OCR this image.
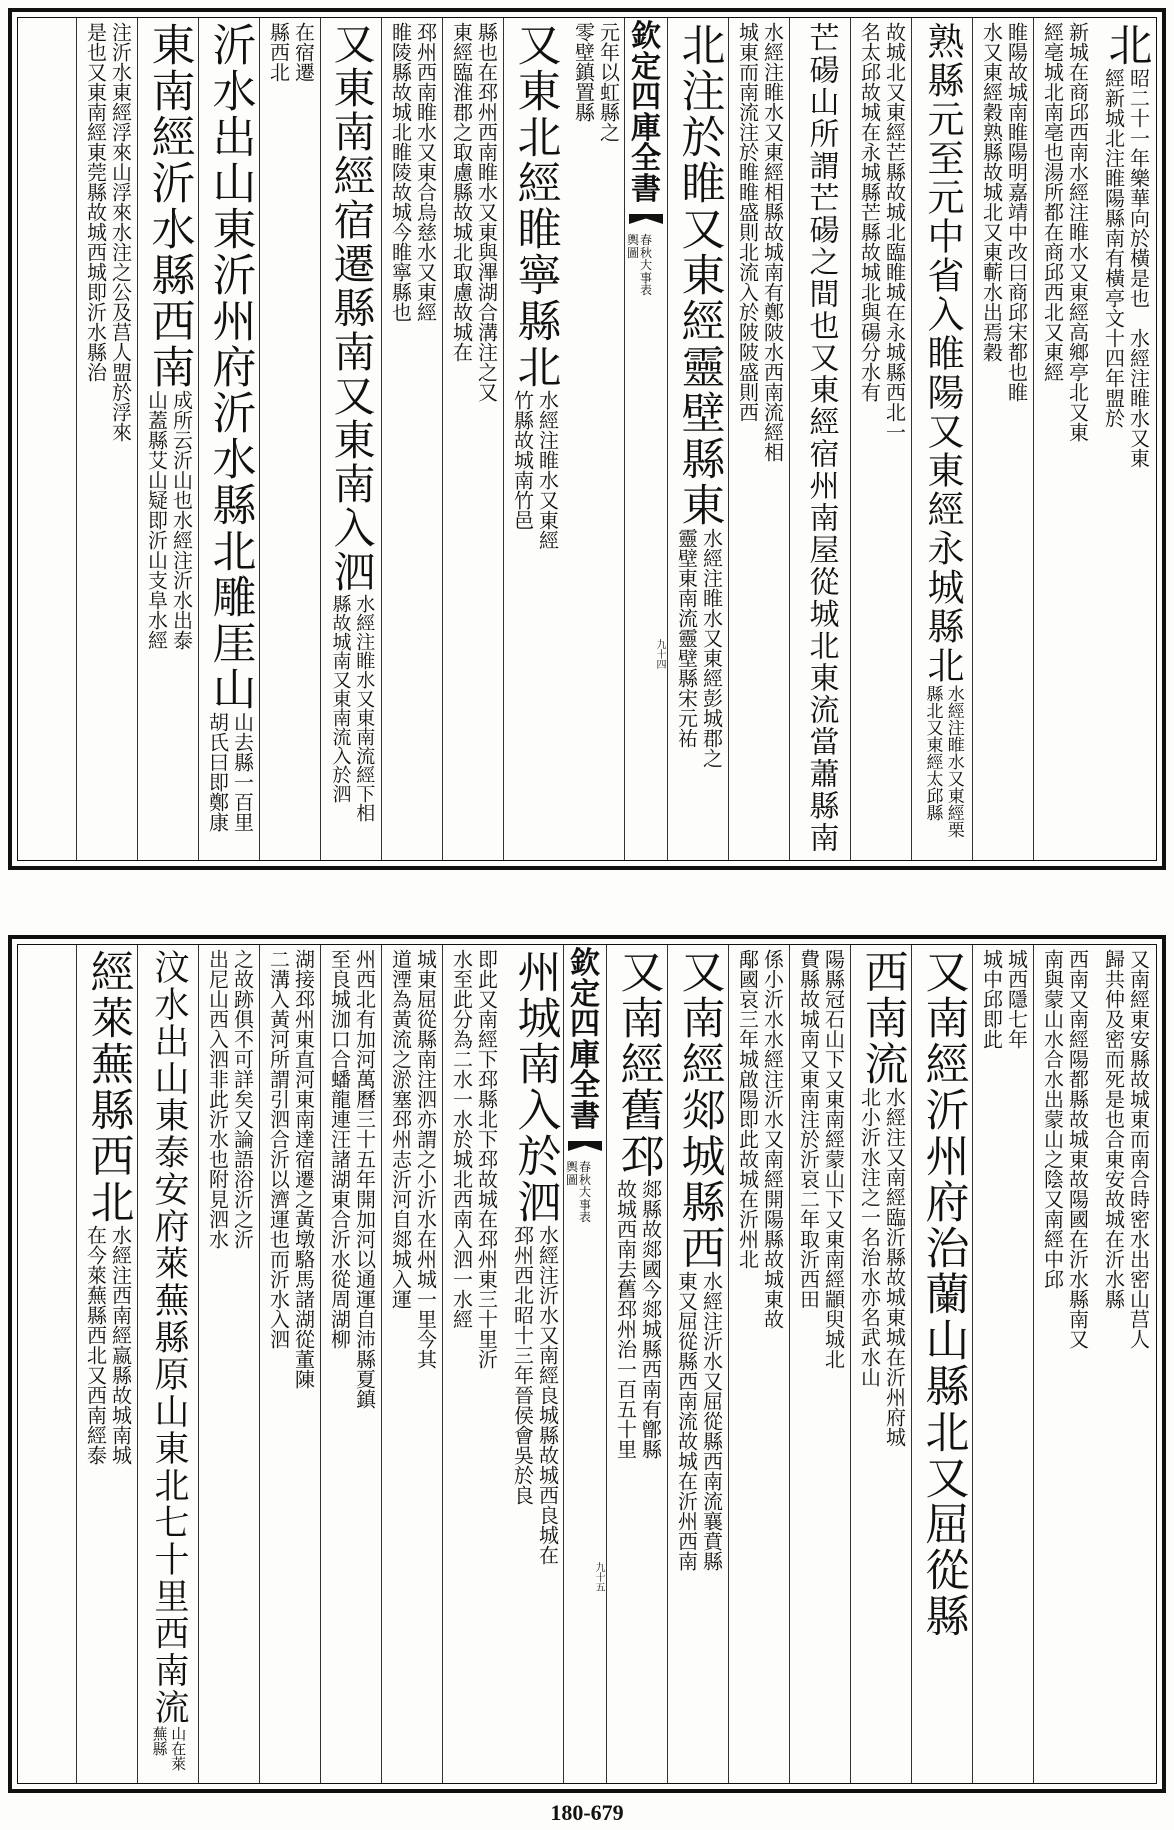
北
昭二十一年樂華向於橫是也　水經注睢水又東經新城北注睢陽縣南有橫亭文十四年盟於
新城在商邱西南水經注睢水又東經高鄉亭北又東經亳城北南亳也湯所都在商邱西北又東經
睢陽故城南睢陽明嘉靖中改曰商邱宋都也睢水又東經穀熟縣故城北又東蘄水出焉穀
熟縣元至元中省入睢陽又東經永城縣北
水經注睢水又東經栗縣北又東經太邱縣
故城北又東經芒縣故城北臨睢城在永城縣西北一名太邱故城在永城縣芒縣故城北與碭分水有
芒碭山所謂芒碭之間也又東經宿州南屋從城北東流當蕭縣南
水經注睢水又東經相縣故城南有鄭陂水西南流經相城東而南流注於睢睢盛則北流入於陂陂盛則西
北注於睢又東經靈壁縣東
水經注睢水又東經彭城郡之靈壁東南流靈壁縣宋元祐
欽
定
四
庫
全
書
春
秋
大
事
表
輿
圖
九十四
元年以虹縣之零壁鎮置縣
又東北經睢寧縣北
水經注睢水又東經竹縣故城南竹邑
縣也在邳州西南睢水又東與滭湖合溝注之又東經臨淮郡之取慮縣故城北取慮故城在
邳州西南睢水又東合烏慈水又東經睢陵縣故城北睢陵故城今睢寧縣也
又東南經宿遷縣南又東南入泗
水經注睢水又東南流經下相縣故城南又東南流入於泗
在宿遷縣西北
沂水出山東沂州府沂水縣北雕厓山
山去縣一百里胡氏曰即鄭康
東南經沂水縣西南
成所云沂山也水經注沂水出泰山蓋縣艾山疑即沂山支阜水經
注沂水東經浮來山浮來水注之公及莒人盟於浮來是也又東南經東莞縣故城西城即沂水縣治
又南經東安縣故城東而南合時密水出密山莒人歸共仲及密而死是也合東安故城在沂水縣
西南又南經陽都縣故城東故陽國在沂水縣南又南與蒙山水合水出蒙山之陰又南經中邱
城西隱七年城中邱即此
又南經沂州府治蘭山縣北又屈從縣
西南流
水經注又南經臨沂縣故城東城在沂州府城北小沂水注之一名治水亦名武水山
陽縣冠石山下又東南經蒙山下又東南經顓臾城北費縣故城南又東南注於沂哀二年取沂西田
係小沂水水經注沂水又南經開陽縣故城東故鄅國哀三年城啟陽即此故城在沂州北
又南經郯城縣西
水經注沂水又屈從縣西南流襄賁縣東又屈從縣西南流故城在沂州西南
又南經舊邳
郯縣故郯國今郯城縣西南有鄫縣故城西南去舊邳州治一百五十里
欽
定
四
庫
全
書
春
秋
大
事
表
輿
圖
九十五
州城南入於泗
水經注沂水又南經良城縣故城西良城在邳州西北昭十三年晉侯會吳於良
即此又南經下邳縣北下邳故城在邳州東三十里沂水至此分為二水一水於城北西南入泗一水經
城東屈從縣南注泗亦謂之小沂水在州城一里今其道湮為黃流之淤塞邳州志沂河自郯城入運
州西北有加河萬曆三十五年開加河以通運自沛縣夏鎮至良城泇口合蟠龍連汪諸湖東合沂水從周湖柳
湖接邳州東直河東南達宿遷之黃墩駱馬諸湖從董陳二溝入黃河所謂引泗合沂以濟運也而沂水入泗
之故跡俱不可詳矣又論語浴沂之沂出尼山西入泗非此沂水也附見泗水
汶水出山東泰安府萊蕪縣原山東北七十里西南流
山在萊蕪縣
經萊蕪縣西北
水經注西南經嬴縣故城南城在今萊蕪縣西北又西南經泰
180-679
